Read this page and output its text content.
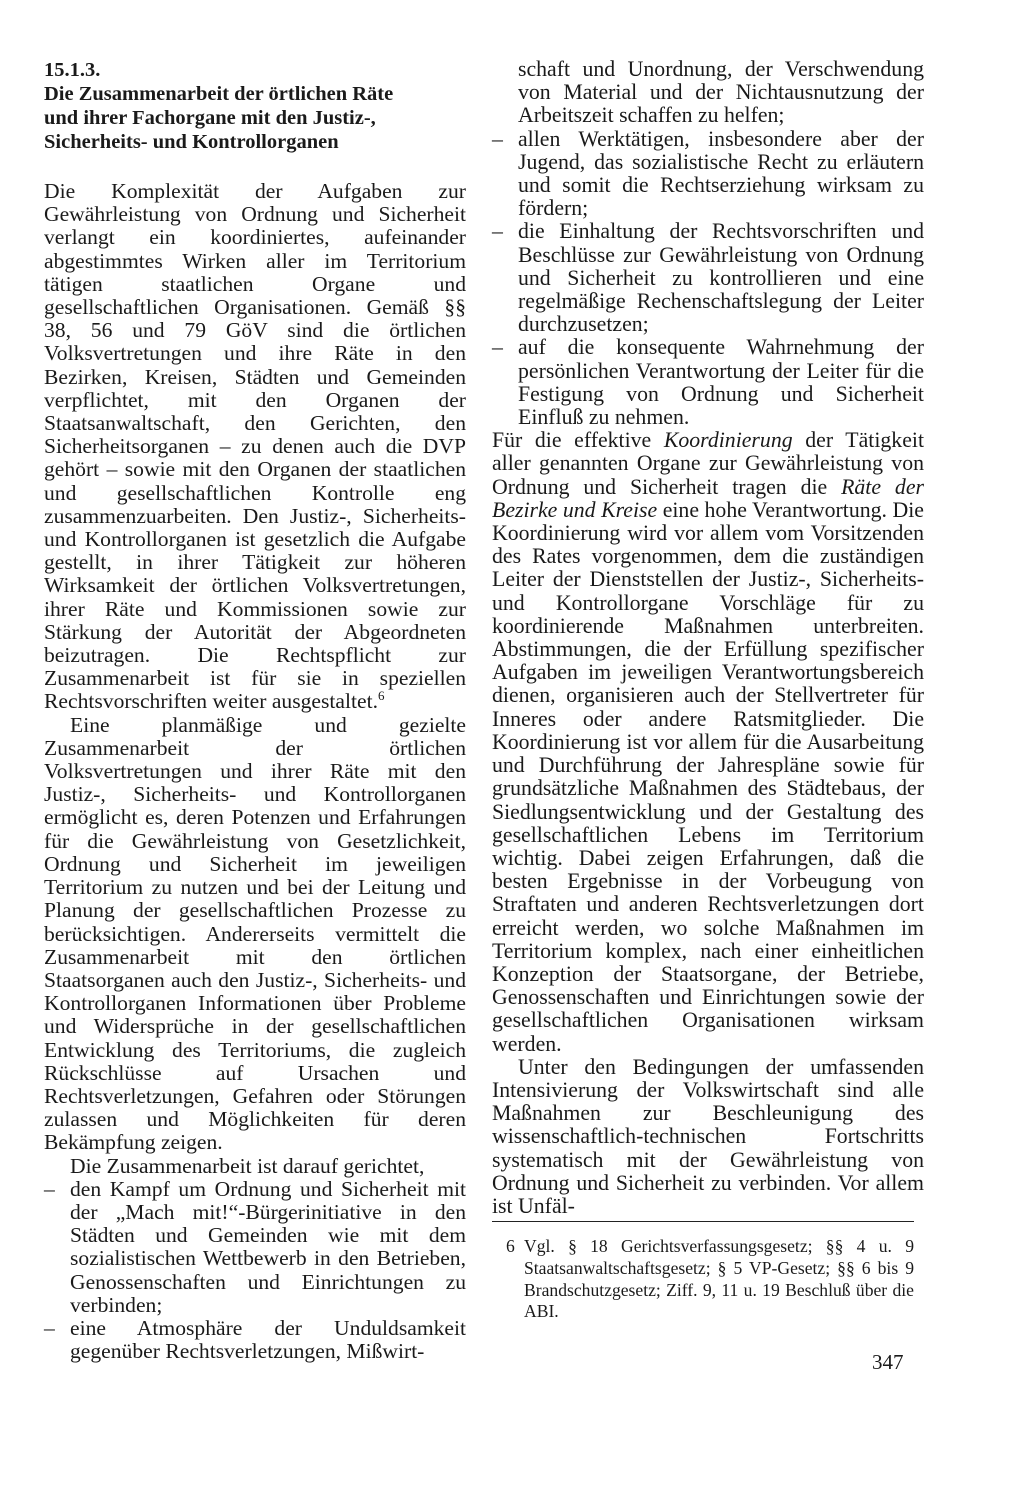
15.1.3.
Die Zusammenarbeit der örtlichen Räte
und ihrer Fachorgane mit den Justiz-,
Sicherheits- und Kontrollorganen

Die Komplexität der Aufgaben zur Gewährleistung von Ordnung und Sicherheit verlangt ein koordiniertes, aufeinander abgestimmtes Wirken aller im Territorium tätigen staatlichen Organe und gesellschaftlichen Organisationen. Gemäß §§ 38, 56 und 79 GöV sind die örtlichen Volksvertretungen und ihre Räte in den Bezirken, Kreisen, Städten und Gemeinden verpflichtet, mit den Organen der Staatsanwaltschaft, den Gerichten, den Sicherheitsorganen – zu denen auch die DVP gehört – sowie mit den Organen der staatlichen und gesellschaftlichen Kontrolle eng zusammenzuarbeiten. Den Justiz-, Sicherheits- und Kontrollorganen ist gesetzlich die Aufgabe gestellt, in ihrer Tätigkeit zur höheren Wirksamkeit der örtlichen Volksvertretungen, ihrer Räte und Kommissionen sowie zur Stärkung der Autorität der Abgeordneten beizutragen. Die Rechtspflicht zur Zusammenarbeit ist für sie in speziellen Rechtsvorschriften weiter ausgestaltet.$^6$

Eine planmäßige und gezielte Zusammenarbeit der örtlichen Volksvertretungen und ihrer Räte mit den Justiz-, Sicherheits- und Kontrollorganen ermöglicht es, deren Potenzen und Erfahrungen für die Gewährleistung von Gesetzlichkeit, Ordnung und Sicherheit im jeweiligen Territorium zu nutzen und bei der Leitung und Planung der gesellschaftlichen Prozesse zu berücksichtigen. Andererseits vermittelt die Zusammenarbeit mit den örtlichen Staatsorganen auch den Justiz-, Sicherheits- und Kontrollorganen Informationen über Probleme und Widersprüche in der gesellschaftlichen Entwicklung des Territoriums, die zugleich Rückschlüsse auf Ursachen und Rechtsverletzungen, Gefahren oder Störungen zulassen und Möglichkeiten für deren Bekämpfung zeigen.

Die Zusammenarbeit ist darauf gerichtet,

– den Kampf um Ordnung und Sicherheit mit der „Mach mit!“-Bürgerinitiative in den Städten und Gemeinden wie mit dem sozialistischen Wettbewerb in den Betrieben, Genossenschaften und Einrichtungen zu verbinden;
– eine Atmosphäre der Unduldsamkeit gegenüber Rechtsverletzungen, Mißwirt-
schaft und Unordnung, der Verschwendung von Material und der Nichtausnutzung der Arbeitszeit schaffen zu helfen;
– allen Werktätigen, insbesondere aber der Jugend, das sozialistische Recht zu erläutern und somit die Rechtserziehung wirksam zu fördern;
– die Einhaltung der Rechtsvorschriften und Beschlüsse zur Gewährleistung von Ordnung und Sicherheit zu kontrollieren und eine regelmäßige Rechenschaftslegung der Leiter durchzusetzen;
– auf die konsequente Wahrnehmung der persönlichen Verantwortung der Leiter für die Festigung von Ordnung und Sicherheit Einfluß zu nehmen.

Für die effektive Koordinierung der Tätigkeit aller genannten Organe zur Gewährleistung von Ordnung und Sicherheit tragen die Räte der Bezirke und Kreise eine hohe Verantwortung. Die Koordinierung wird vor allem vom Vorsitzenden des Rates vorgenommen, dem die zuständigen Leiter der Dienststellen der Justiz-, Sicherheits- und Kontrollorgane Vorschläge für zu koordinierende Maßnahmen unterbreiten. Abstimmungen, die der Erfüllung spezifischer Aufgaben im jeweiligen Verantwortungsbereich dienen, organisieren auch der Stellvertreter für Inneres oder andere Ratsmitglieder. Die Koordinierung ist vor allem für die Ausarbeitung und Durchführung der Jahrespläne sowie für grundsätzliche Maßnahmen des Städtebaus, der Siedlungsentwicklung und der Gestaltung des gesellschaftlichen Lebens im Territorium wichtig. Dabei zeigen Erfahrungen, daß die besten Ergebnisse in der Vorbeugung von Straftaten und anderen Rechtsverletzungen dort erreicht werden, wo solche Maßnahmen im Territorium komplex, nach einer einheitlichen Konzeption der Staatsorgane, der Betriebe, Genossenschaften und Einrichtungen sowie der gesellschaftlichen Organisationen wirksam werden.

Unter den Bedingungen der umfassenden Intensivierung der Volkswirtschaft sind alle Maßnahmen zur Beschleunigung des wissenschaftlich-technischen Fortschritts systematisch mit der Gewährleistung von Ordnung und Sicherheit zu verbinden. Vor allem ist Unfäl-

6 Vgl. § 18 Gerichtsverfassungsgesetz; §§ 4 u. 9 Staatsanwaltschaftsgesetz; § 5 VP-Gesetz; §§ 6 bis 9 Brandschutzgesetz; Ziff. 9, 11 u. 19 Beschluß über die ABI.
347
